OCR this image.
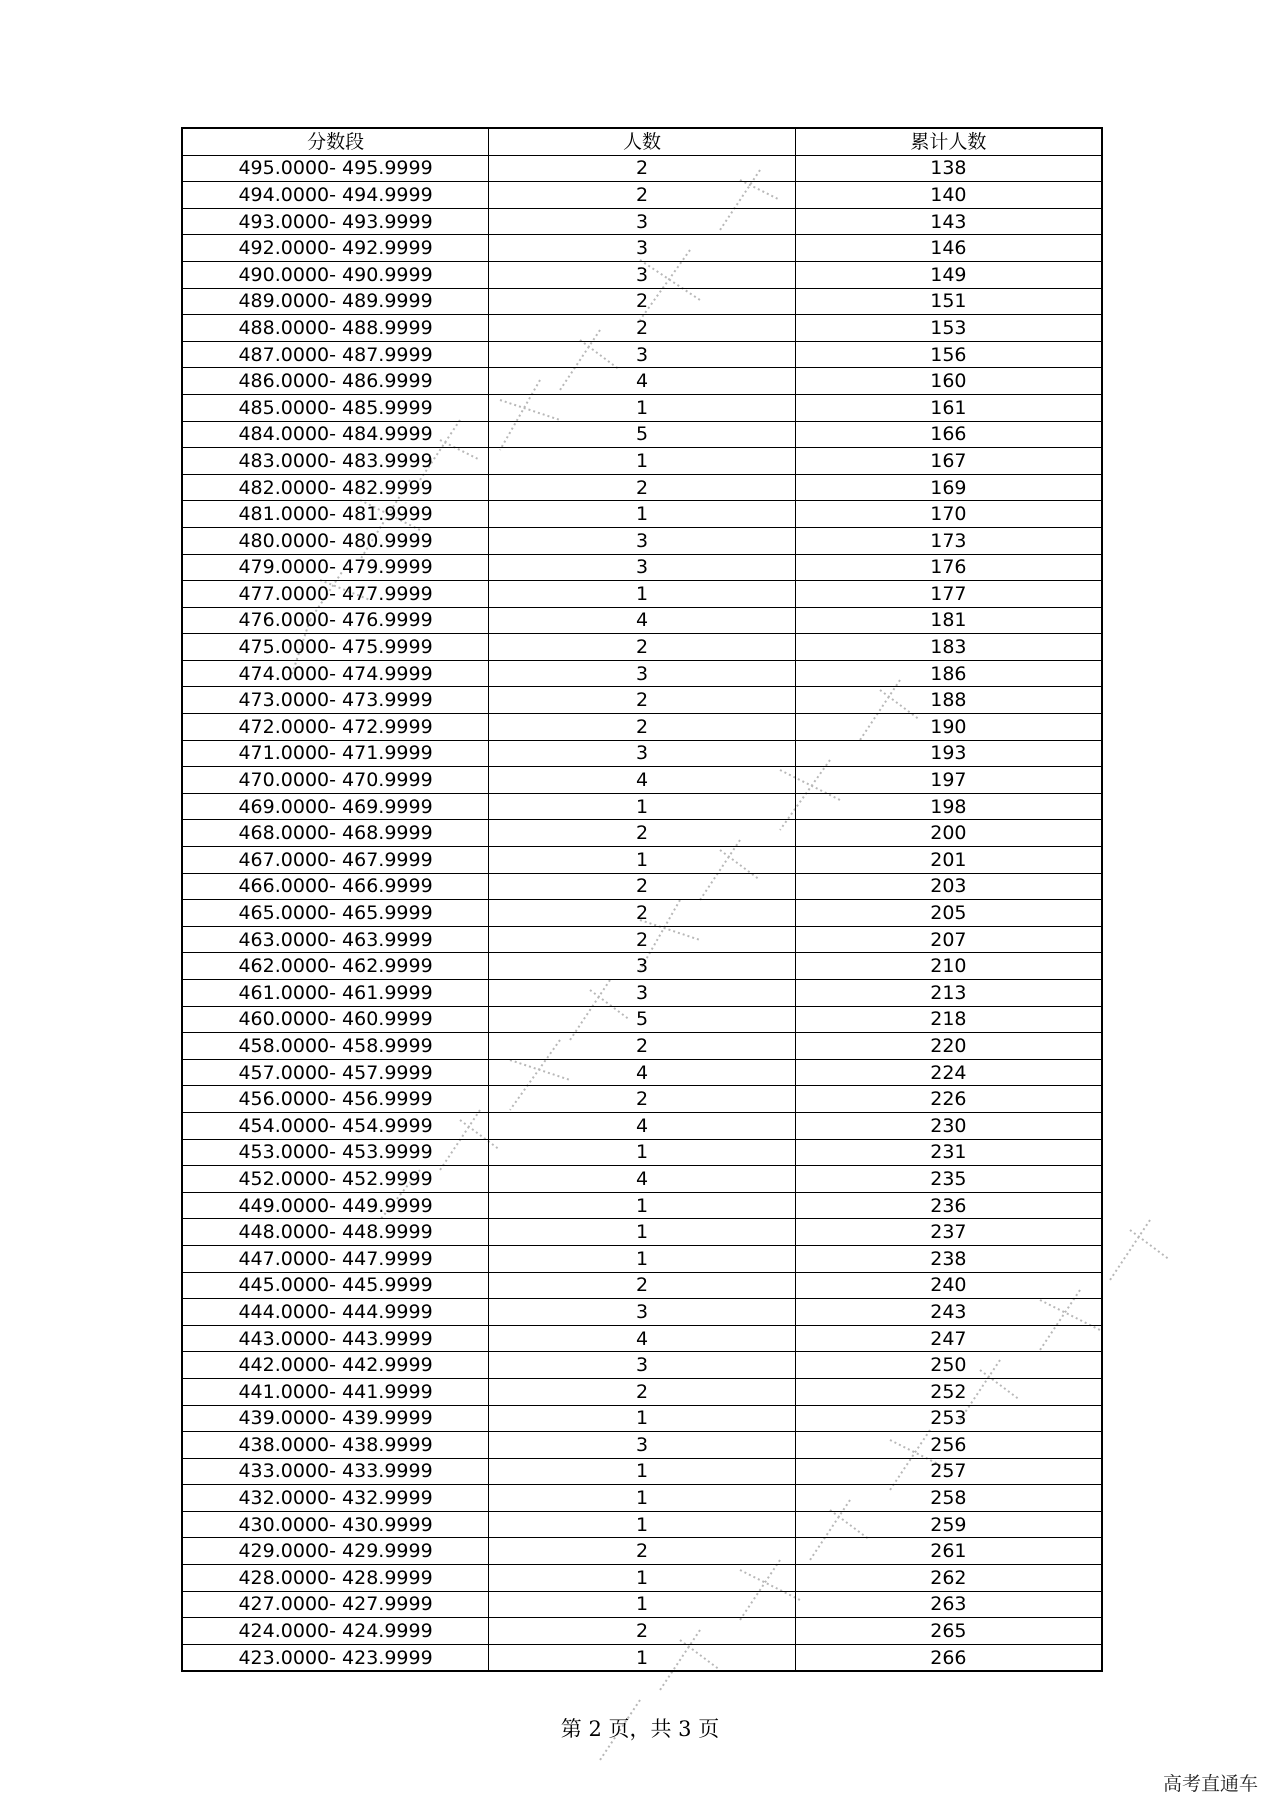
分数段	人数	累计人数
495.0000- 495.9999	2	138
494.0000- 494.9999	2	140
493.0000- 493.9999	3	143
492.0000- 492.9999	3	146
490.0000- 490.9999	3	149
489.0000- 489.9999	2	151
488.0000- 488.9999	2	153
487.0000- 487.9999	3	156
486.0000- 486.9999	4	160
485.0000- 485.9999	1	161
484.0000- 484.9999	5	166
483.0000- 483.9999	1	167
482.0000- 482.9999	2	169
481.0000- 481.9999	1	170
480.0000- 480.9999	3	173
479.0000- 479.9999	3	176
477.0000- 477.9999	1	177
476.0000- 476.9999	4	181
475.0000- 475.9999	2	183
474.0000- 474.9999	3	186
473.0000- 473.9999	2	188
472.0000- 472.9999	2	190
471.0000- 471.9999	3	193
470.0000- 470.9999	4	197
469.0000- 469.9999	1	198
468.0000- 468.9999	2	200
467.0000- 467.9999	1	201
466.0000- 466.9999	2	203
465.0000- 465.9999	2	205
463.0000- 463.9999	2	207
462.0000- 462.9999	3	210
461.0000- 461.9999	3	213
460.0000- 460.9999	5	218
458.0000- 458.9999	2	220
457.0000- 457.9999	4	224
456.0000- 456.9999	2	226
454.0000- 454.9999	4	230
453.0000- 453.9999	1	231
452.0000- 452.9999	4	235
449.0000- 449.9999	1	236
448.0000- 448.9999	1	237
447.0000- 447.9999	1	238
445.0000- 445.9999	2	240
444.0000- 444.9999	3	243
443.0000- 443.9999	4	247
442.0000- 442.9999	3	250
441.0000- 441.9999	2	252
439.0000- 439.9999	1	253
438.0000- 438.9999	3	256
433.0000- 433.9999	1	257
432.0000- 432.9999	1	258
430.0000- 430.9999	1	259
429.0000- 429.9999	2	261
428.0000- 428.9999	1	262
427.0000- 427.9999	1	263
424.0000- 424.9999	2	265
423.0000- 423.9999	1	266
第 2 页，共 3 页
高考直通车
